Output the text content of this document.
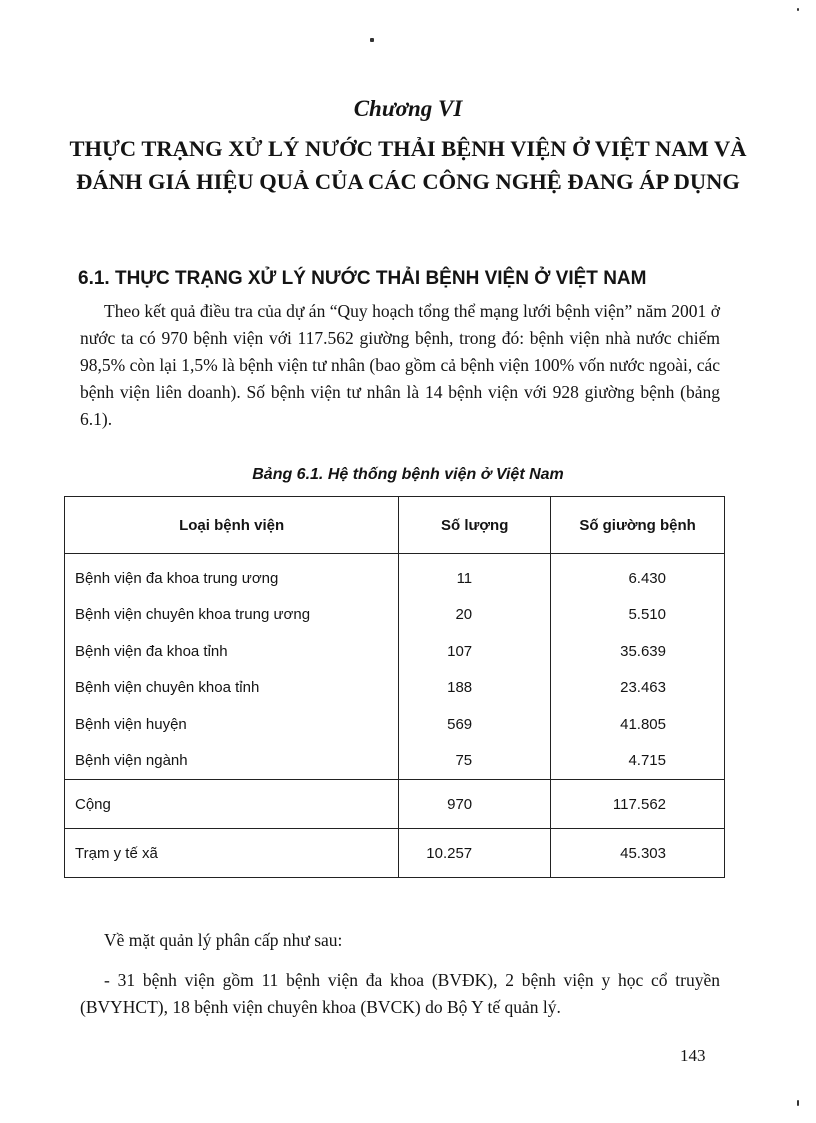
Chương VI
THỰC TRẠNG XỬ LÝ NƯỚC THẢI BỆNH VIỆN Ở VIỆT NAM VÀ ĐÁNH GIÁ HIỆU QUẢ CỦA CÁC CÔNG NGHỆ ĐANG ÁP DỤNG
6.1. THỰC TRẠNG XỬ LÝ NƯỚC THẢI BỆNH VIỆN Ở VIỆT NAM
Theo kết quả điều tra của dự án “Quy hoạch tổng thể mạng lưới bệnh viện” năm 2001 ở nước ta có 970 bệnh viện với 117.562 giường bệnh, trong đó: bệnh viện nhà nước chiếm 98,5% còn lại 1,5% là bệnh viện tư nhân (bao gồm cả bệnh viện 100% vốn nước ngoài, các bệnh viện liên doanh). Số bệnh viện tư nhân là 14 bệnh viện với 928 giường bệnh (bảng 6.1).
Bảng 6.1. Hệ thống bệnh viện ở Việt Nam
Loại bệnh viện	Số lượng	Số giường bệnh
Bệnh viện đa khoa trung ương	11	6.430
Bệnh viện chuyên khoa trung ương	20	5.510
Bệnh viện đa khoa tỉnh	107	35.639
Bệnh viện chuyên khoa tỉnh	188	23.463
Bệnh viện huyện	569	41.805
Bệnh viện ngành	75	4.715
Cộng	970	117.562
Trạm y tế xã	10.257	45.303
Về mặt quản lý phân cấp như sau:
- 31 bệnh viện gồm 11 bệnh viện đa khoa (BVĐK), 2 bệnh viện y học cổ truyền (BVYHCT), 18 bệnh viện chuyên khoa (BVCK) do Bộ Y tế quản lý.
143
